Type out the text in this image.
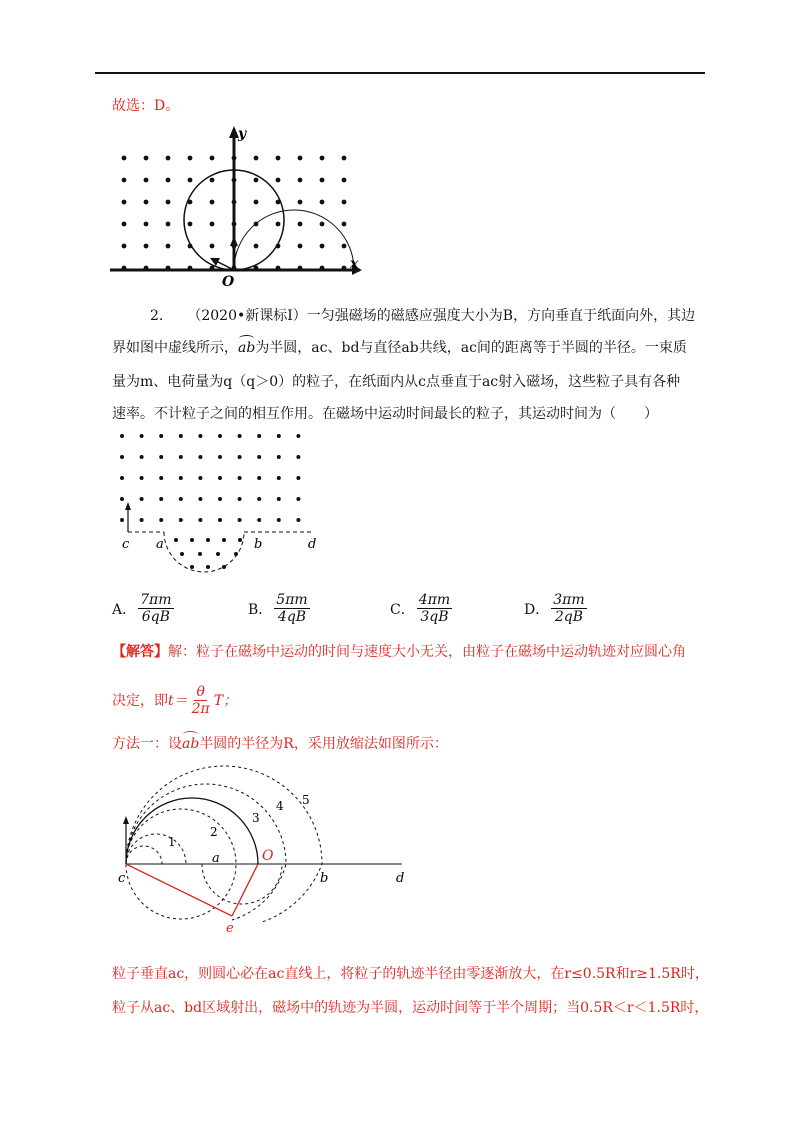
故选：D。
y
x
O
2. （2020•新课标Ⅰ）一匀强磁场的磁感应强度大小为B，方向垂直于纸面向外，其边
界如图中虚线所示，ab为半圆，ac、bd与直径ab共线，ac间的距离等于半圆的半径。一束质
量为m、电荷量为q（q＞0）的粒子，在纸面内从c点垂直于ac射入磁场，这些粒子具有各种
速率。不计粒子之间的相互作用。在磁场中运动时间最长的粒子，其运动时间为（　　）
c a	b	d
A． $\frac{7\pi m}{6qB}$	B． $\frac{5\pi m}{4qB}$	C． $\frac{4\pi m}{3qB}$	D． $\frac{3\pi m}{2qB}$
【解答】解：粒子在磁场中运动的时间与速度大小无关，由粒子在磁场中运动轨迹对应圆心角
决定，即 $t= \frac{\theta}{2\pi}$ T；
方法一：设ab半圆的半径为R，采用放缩法如图所示：
1
2
3
4 5
c
a	O
b	d
e
粒子垂直ac，则圆心必在ac直线上，将粒子的轨迹半径由零逐渐放大，在r≤0.5R和r≥1.5R时，
粒子从ac、bd区域射出，磁场中的轨迹为半圆，运动时间等于半个周期；当0.5R＜r＜1.5R时，
